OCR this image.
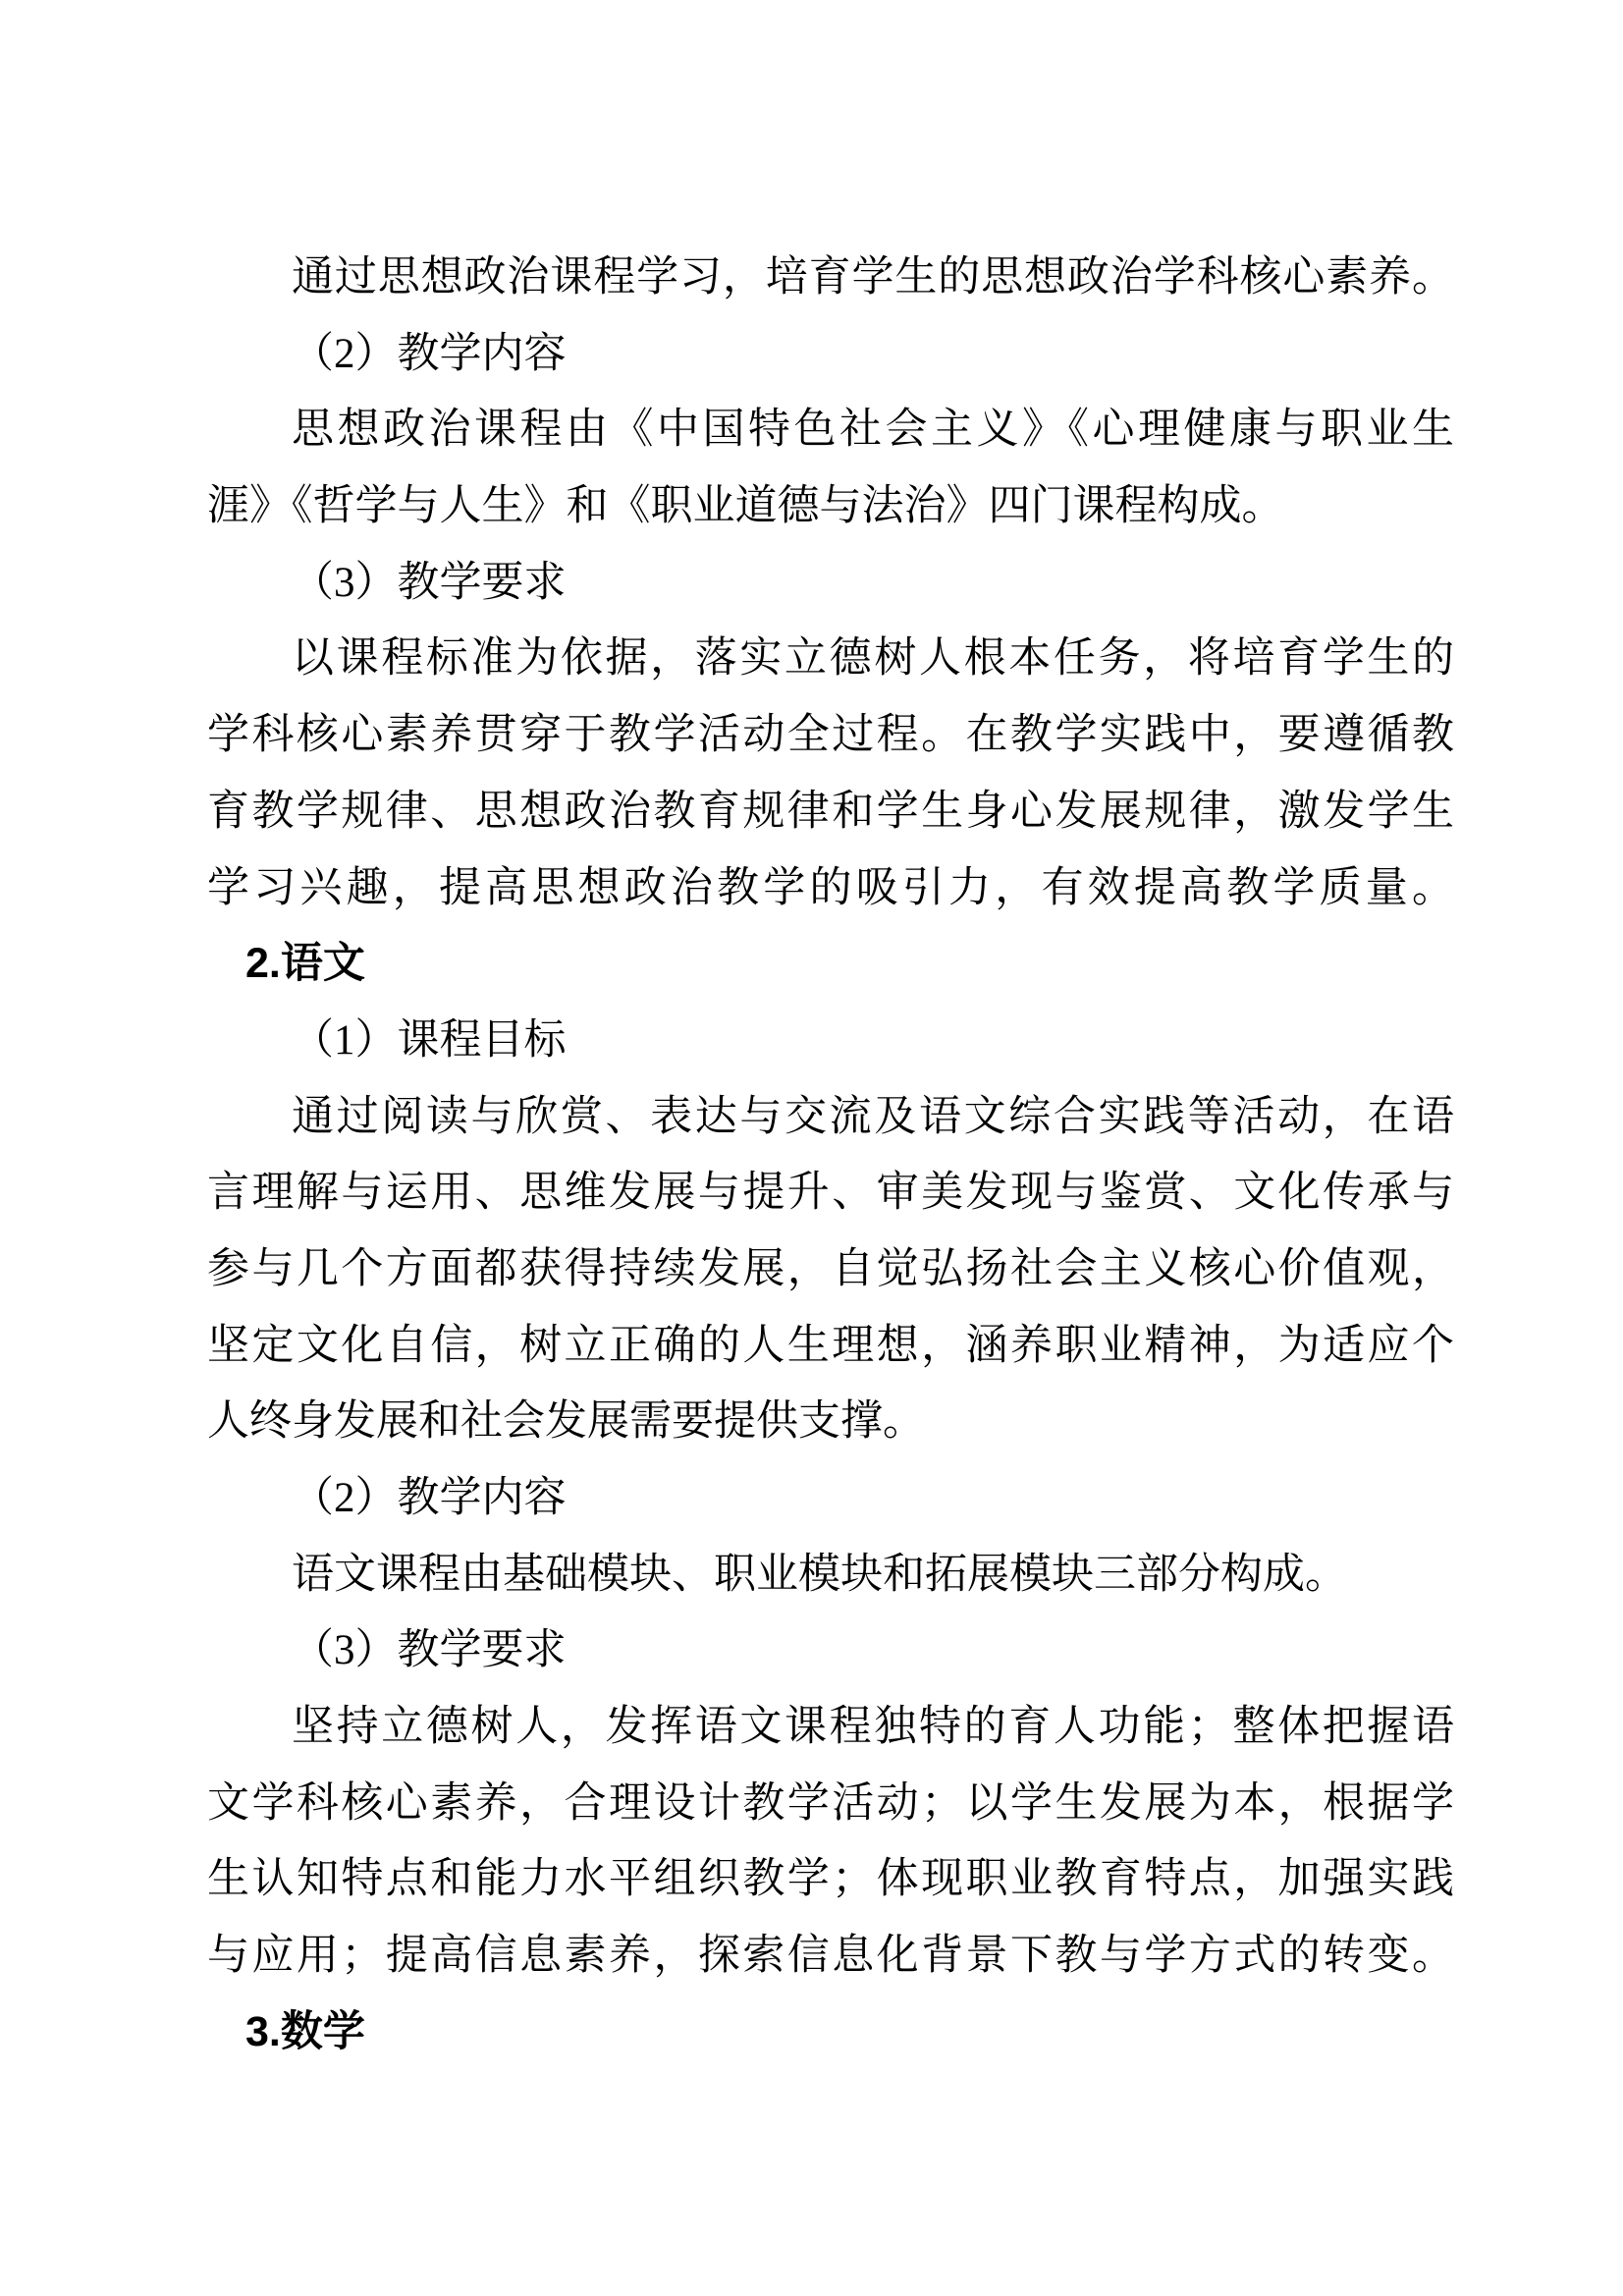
通过思想政治课程学习，培育学生的思想政治学科核心素养。
（2）教学内容
思想政治课程由《中国特色社会主义》《心理健康与职业生
涯》《哲学与人生》和《职业道德与法治》四门课程构成。
（3）教学要求
以课程标准为依据，落实立德树人根本任务，将培育学生的
学科核心素养贯穿于教学活动全过程。在教学实践中，要遵循教
育教学规律、思想政治教育规律和学生身心发展规律，激发学生
学习兴趣，提高思想政治教学的吸引力，有效提高教学质量。
2.语文
（1）课程目标
通过阅读与欣赏、表达与交流及语文综合实践等活动，在语
言理解与运用、思维发展与提升、审美发现与鉴赏、文化传承与
参与几个方面都获得持续发展，自觉弘扬社会主义核心价值观，
坚定文化自信，树立正确的人生理想，涵养职业精神，为适应个
人终身发展和社会发展需要提供支撑。
（2）教学内容
语文课程由基础模块、职业模块和拓展模块三部分构成。
（3）教学要求
坚持立德树人，发挥语文课程独特的育人功能；整体把握语
文学科核心素养，合理设计教学活动；以学生发展为本，根据学
生认知特点和能力水平组织教学；体现职业教育特点，加强实践
与应用；提高信息素养，探索信息化背景下教与学方式的转变。
3.数学
